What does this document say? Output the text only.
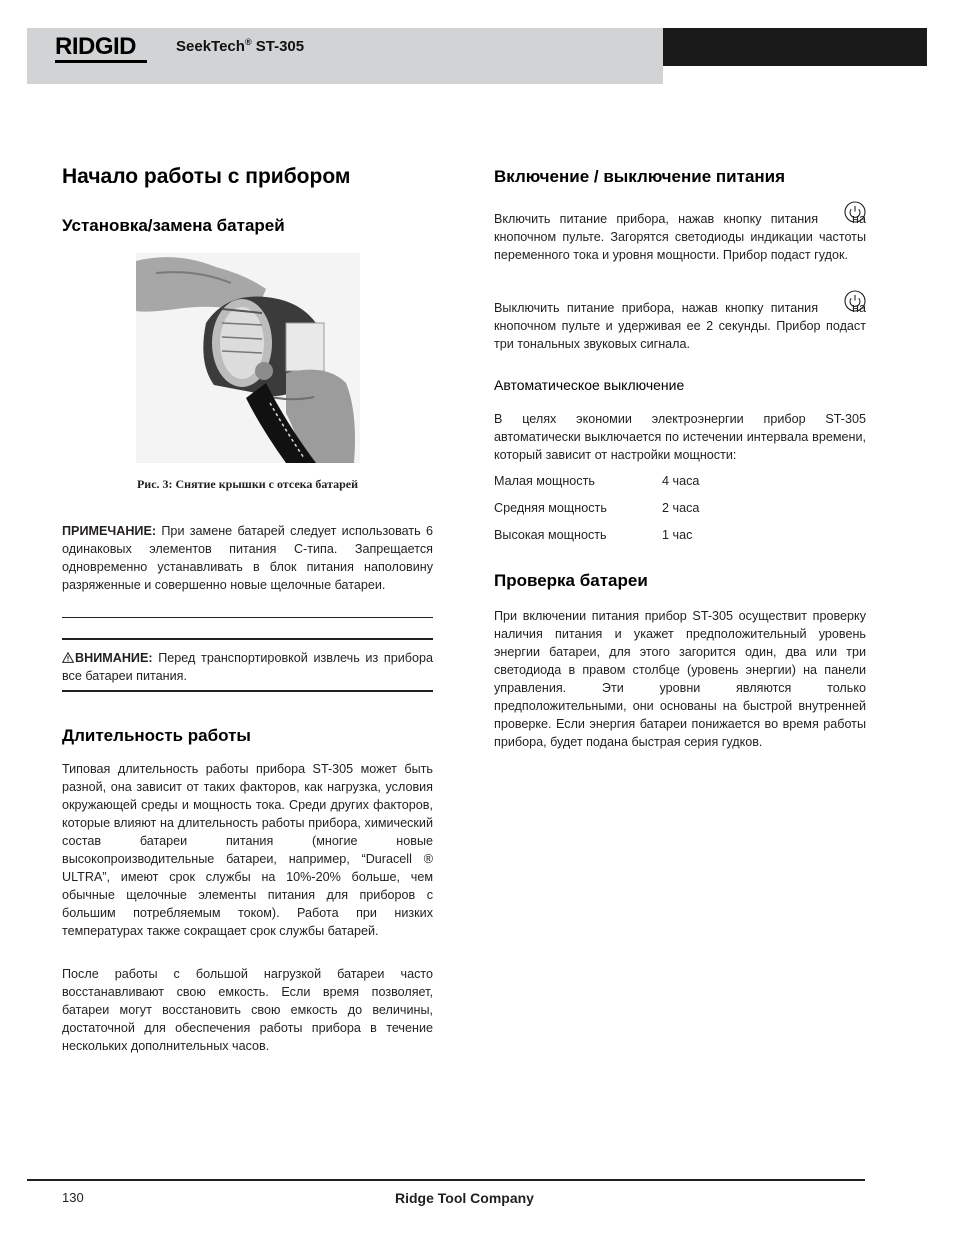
RIDGID	SeekTech® ST-305
Начало работы с прибором
Установка/замена батарей
Рис. 3: Снятие крышки с отсека батарей
ПРИМЕЧАНИЕ: При замене батарей следует использовать 6 одинаковых элементов питания C-типа. Запрещается одновременно устанавливать в блок питания наполовину разряженные и совершенно новые щелочные батареи.
ВНИМАНИЕ: Перед транспортировкой извлечь из прибора все батареи питания.
Длительность работы
Типовая длительность работы прибора ST-305 может быть разной, она зависит от таких факторов, как нагрузка, условия окружающей среды и мощность тока. Среди других факторов, которые влияют на длительность работы прибора, химический состав батареи питания (многие новые высокопроизводительные батареи, например, “Duracell ® ULTRA”, имеют срок службы на 10%-20% больше, чем обычные щелочные элементы питания для приборов с большим потребляемым током). Работа при низких температурах также сокращает срок службы батарей.
После работы с большой нагрузкой батареи часто восстанавливают свою емкость. Если время позволяет, батареи могут восстановить свою емкость до величины, достаточной для обеспечения работы прибора в течение нескольких дополнительных часов.
Включение / выключение питания
Включить питание прибора, нажав кнопку питания	на кнопочном пульте. Загорятся светодиоды индикации частоты переменного тока и уровня мощности. Прибор подаст гудок.
Выключить питание прибора, нажав кнопку питания	на кнопочном пульте и удерживая ее 2 секунды. Прибор подаст три тональных звуковых сигнала.
Автоматическое выключение
В целях экономии электроэнергии прибор ST-305 автоматически выключается по истечении интервала времени, который зависит от настройки мощности:
Малая мощность	4 часа
Средняя мощность	2 часа
Высокая мощность	1 час
Проверка батареи
При включении питания прибор ST-305 осуществит проверку наличия питания и укажет предположительный уровень энергии батареи, для этого загорится один, два или три светодиода в правом столбце (уровень энергии) на панели управления. Эти уровни являются только предположительными, они основаны на быстрой внутренней проверке. Если энергия батареи понижается во время работы прибора, будет подана быстрая серия гудков.
130	Ridge Tool Company
